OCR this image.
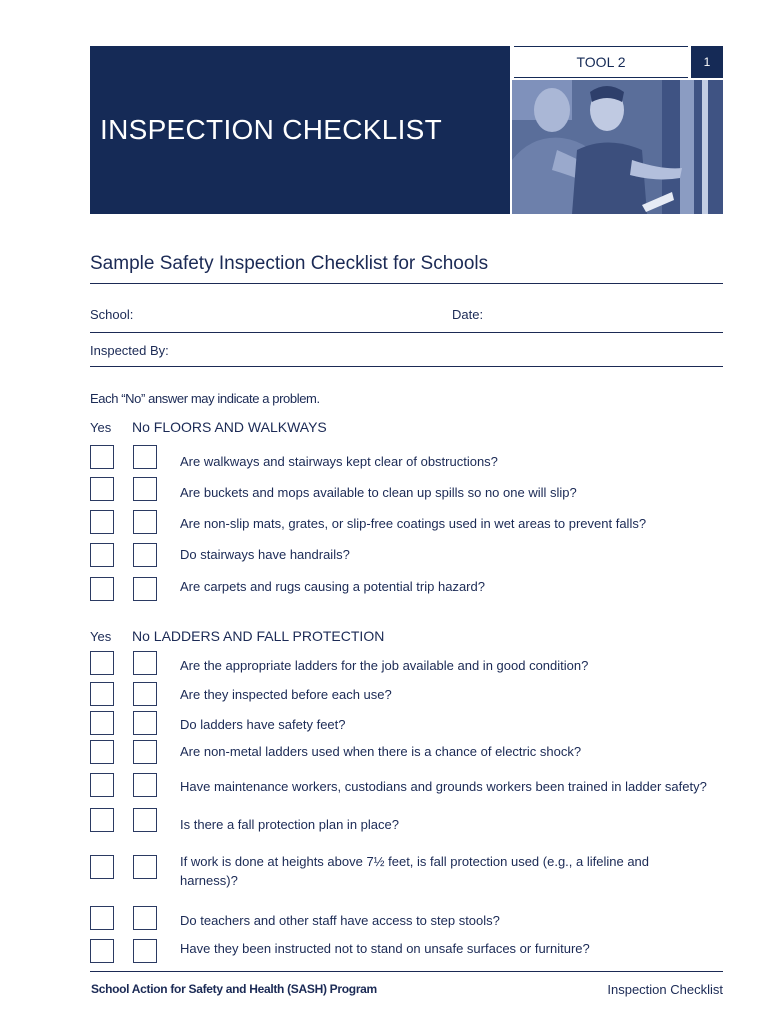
INSPECTION CHECKLIST
TOOL 2	1
Sample Safety Inspection Checklist for Schools
School:	Date:
Inspected By:
Each “No” answer may indicate a problem.
Yes No FLOORS AND WALKWAYS
Are walkways and stairways kept clear of obstructions?
Are buckets and mops available to clean up spills so no one will slip?
Are non-slip mats, grates, or slip-free coatings used in wet areas to prevent falls?
Do stairways have handrails?
Are carpets and rugs causing a potential trip hazard?
Yes No LADDERS AND FALL PROTECTION
Are the appropriate ladders for the job available and in good condition?
Are they inspected before each use?
Do ladders have safety feet?
Are non-metal ladders used when there is a chance of electric shock?
Have maintenance workers, custodians and grounds workers been trained in ladder safety?
Is there a fall protection plan in place?
If work is done at heights above 7½ feet, is fall protection used (e.g., a lifeline and harness)?
Do teachers and other staff have access to step stools?
Have they been instructed not to stand on unsafe surfaces or furniture?
School Action for Safety and Health (SASH) Program	Inspection Checklist
